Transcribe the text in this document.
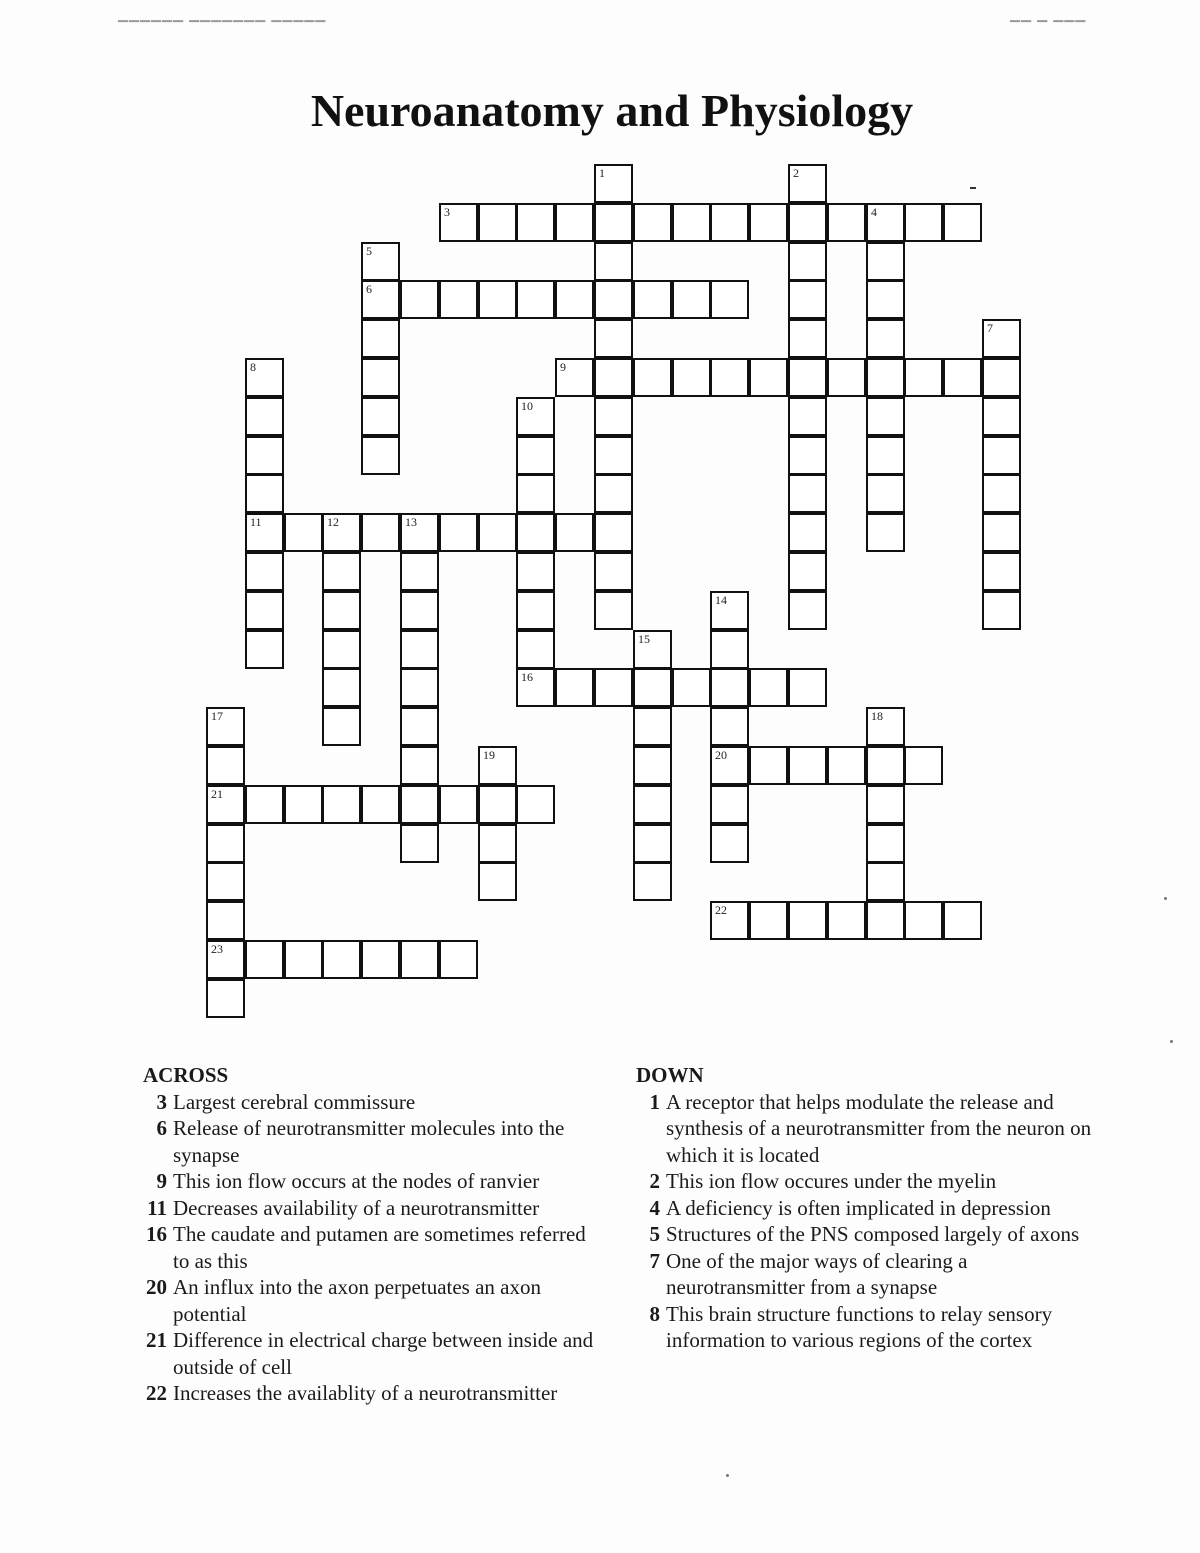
▁▁▁▁▁▁ ▁▁▁▁▁▁▁ ▁▁▁▁▁	▁▁ ▁ ▁▁▁
Neuroanatomy and Physiology
3	4
6
9
11	12	13
16
20
21
22
23
1	2
5
7
8
10
14
15
17	18
19
ACROSS
3 Largest cerebral commissure
6 Release of neurotransmitter molecules into the synapse
9 This ion flow occurs at the nodes of ranvier
11 Decreases availability of a neurotransmitter
16 The caudate and putamen are sometimes referred to as this
20 An influx into the axon perpetuates an axon potential
21 Difference in electrical charge between inside and outside of cell
22 Increases the availablity of a neurotransmitter
DOWN
1 A receptor that helps modulate the release and synthesis of a neurotransmitter from the neuron on which it is located
2 This ion flow occures under the myelin
4 A deficiency is often implicated in depression
5 Structures of the PNS composed largely of axons
7 One of the major ways of clearing a neurotransmitter from a synapse
8 This brain structure functions to relay sensory information to various regions of the cortex
